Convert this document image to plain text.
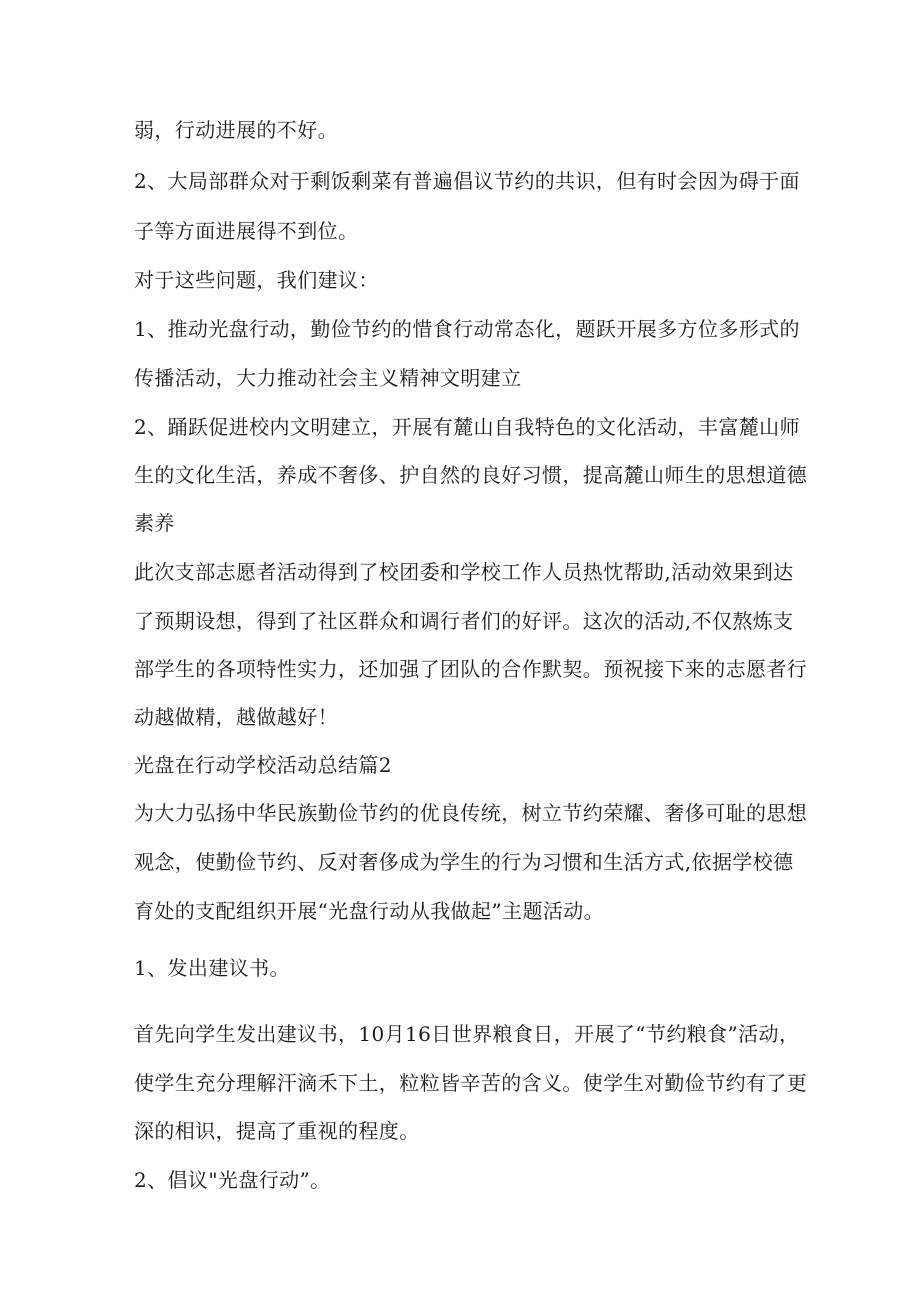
弱，行动进展的不好。
2、大局部群众对于剩饭剩菜有普遍倡议节约的共识，但有时会因为碍于面
子等方面进展得不到位。
对于这些问题，我们建议：
1、推动光盘行动，勤俭节约的惜食行动常态化，题跃开展多方位多形式的
传播活动，大力推动社会主义精神文明建立
2、踊跃促进校内文明建立，开展有麓山自我特色的文化活动，丰富麓山师
生的文化生活，养成不奢侈、护自然的良好习惯，提高麓山师生的思想道德
素养
此次支部志愿者活动得到了校团委和学校工作人员热忱帮助,活动效果到达
了预期设想，得到了社区群众和调行者们的好评。这次的活动,不仅熬炼支
部学生的各项特性实力，还加强了团队的合作默契。预祝接下来的志愿者行
动越做精，越做越好！
光盘在行动学校活动总结篇2
为大力弘扬中华民族勤俭节约的优良传统，树立节约荣耀、奢侈可耻的思想
观念，使勤俭节约、反对奢侈成为学生的行为习惯和生活方式,依据学校德
育处的支配组织开展“光盘行动从我做起”主题活动。
1、发出建议书。
首先向学生发出建议书，10月16日世界粮食日，开展了“节约粮食”活动，
使学生充分理解汗滴禾下土，粒粒皆辛苦的含义。使学生对勤俭节约有了更
深的相识，提高了重视的程度。
2、倡议"光盘行动”。
